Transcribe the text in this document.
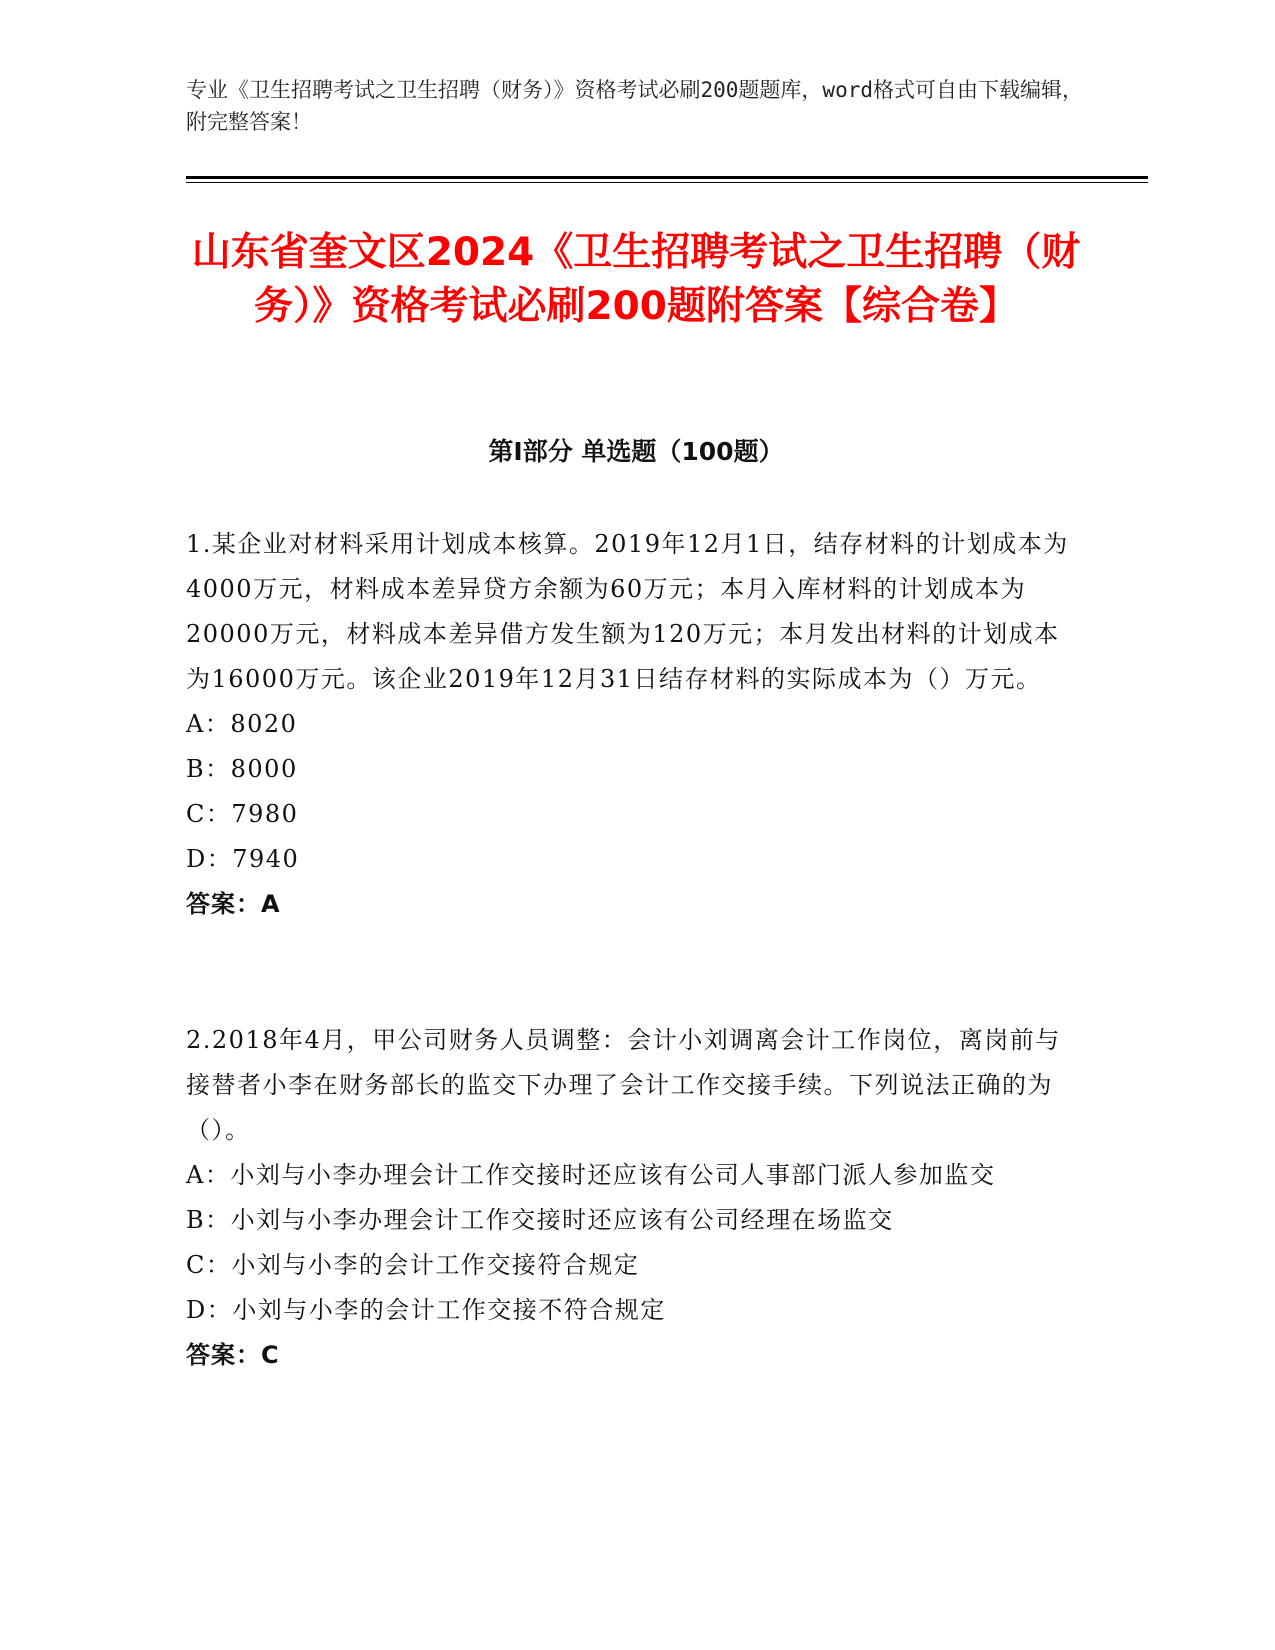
专业《卫生招聘考试之卫生招聘（财务）》资格考试必刷200题题库，word格式可自由下载编辑，附完整答案！
山东省奎文区2024《卫生招聘考试之卫生招聘（财务）》资格考试必刷200题附答案【综合卷】
第I部分 单选题（100题）

1.某企业对材料采用计划成本核算。2019年12月1日，结存材料的计划成本为4000万元，材料成本差异贷方余额为60万元；本月入库材料的计划成本为20000万元，材料成本差异借方发生额为120万元；本月发出材料的计划成本为16000万元。该企业2019年12月31日结存材料的实际成本为（）万元。

A：8020

B：8000

C：7980

D：7940

答案：A

2.2018年4月，甲公司财务人员调整：会计小刘调离会计工作岗位，离岗前与接替者小李在财务部长的监交下办理了会计工作交接手续。下列说法正确的为（）。

A：小刘与小李办理会计工作交接时还应该有公司人事部门派人参加监交

B：小刘与小李办理会计工作交接时还应该有公司经理在场监交

C：小刘与小李的会计工作交接符合规定

D：小刘与小李的会计工作交接不符合规定

答案：C
